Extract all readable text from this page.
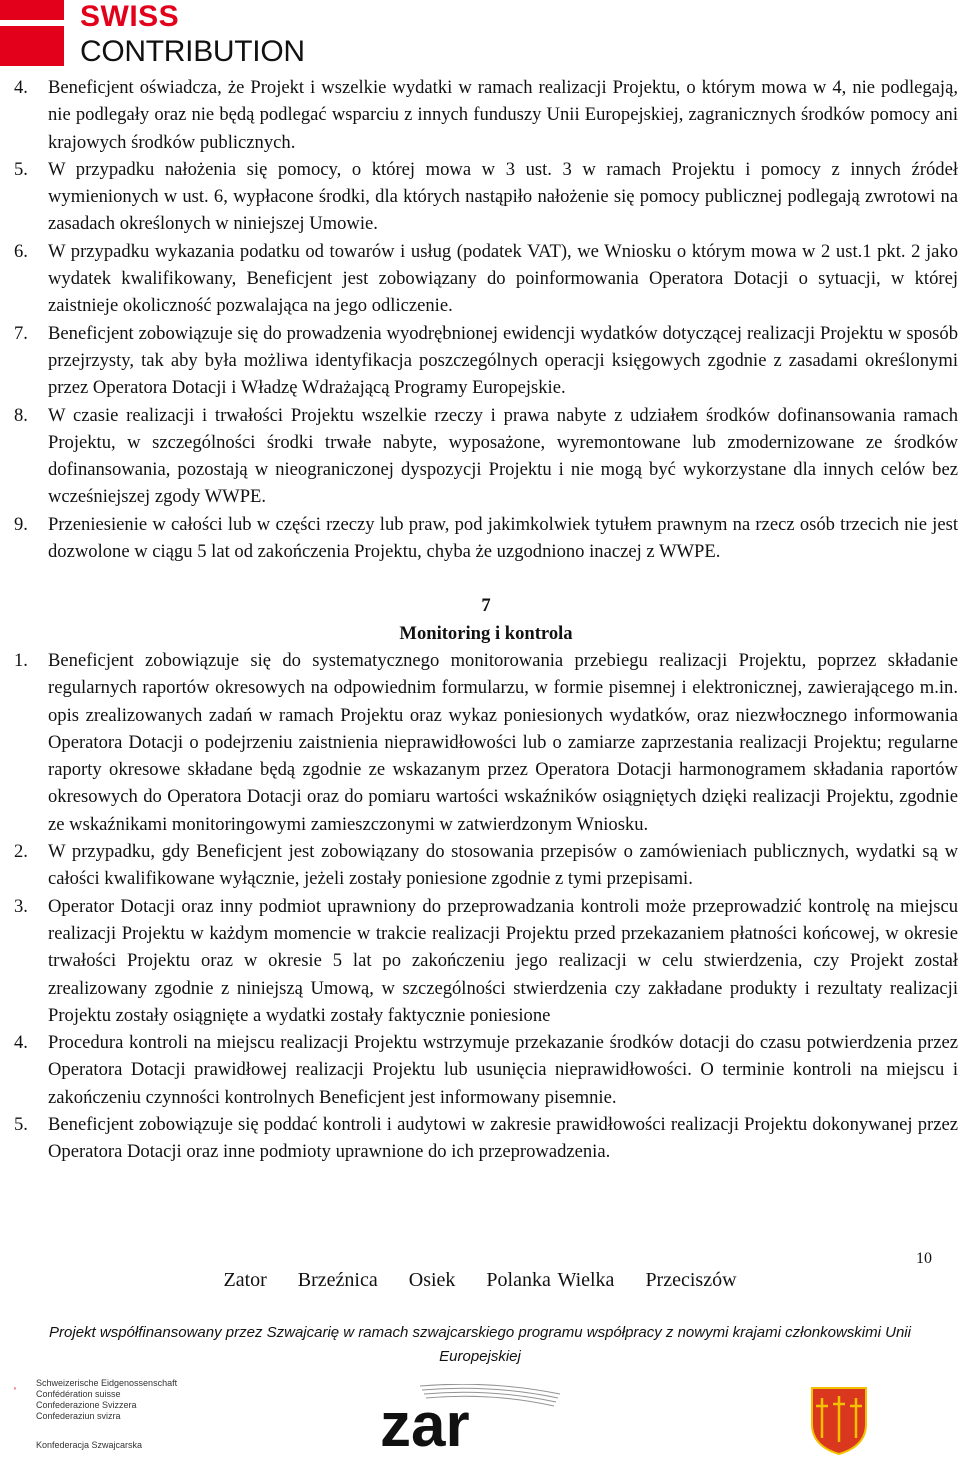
SWISS
CONTRIBUTION
4. Beneficjent oświadcza, że Projekt i wszelkie wydatki w ramach realizacji Projektu, o którym mowa w 4, nie podlegają, nie podlegały oraz nie będą podlegać wsparciu z innych funduszy Unii Europejskiej, zagranicznych środków pomocy ani krajowych środków publicznych.
5. W przypadku nałożenia się pomocy, o której mowa w 3 ust. 3 w ramach Projektu i pomocy z innych źródeł wymienionych w ust. 6, wypłacone środki, dla których nastąpiło nałożenie się pomocy publicznej podlegają zwrotowi na zasadach określonych w niniejszej Umowie.
6. W przypadku wykazania podatku od towarów i usług (podatek VAT), we Wniosku o którym mowa w 2 ust.1 pkt. 2 jako wydatek kwalifikowany, Beneficjent jest zobowiązany do poinformowania Operatora Dotacji o sytuacji, w której zaistnieje okoliczność pozwalająca na jego odliczenie.
7. Beneficjent zobowiązuje się do prowadzenia wyodrębnionej ewidencji wydatków dotyczącej realizacji Projektu w sposób przejrzysty, tak aby była możliwa identyfikacja poszczególnych operacji księgowych zgodnie z zasadami określonymi przez Operatora Dotacji i Władzę Wdrażającą Programy Europejskie.
8. W czasie realizacji i trwałości Projektu wszelkie rzeczy i prawa nabyte z udziałem środków dofinansowania ramach Projektu, w szczególności środki trwałe nabyte, wyposażone, wyremontowane lub zmodernizowane ze środków dofinansowania, pozostają w nieograniczonej dyspozycji Projektu i nie mogą być wykorzystane dla innych celów bez wcześniejszej zgody WWPE.
9. Przeniesienie w całości lub w części rzeczy lub praw, pod jakimkolwiek tytułem prawnym na rzecz osób trzecich nie jest dozwolone w ciągu 5 lat od zakończenia Projektu, chyba że uzgodniono inaczej z WWPE.
7
Monitoring i kontrola
1. Beneficjent zobowiązuje się do systematycznego monitorowania przebiegu realizacji Projektu, poprzez składanie regularnych raportów okresowych na odpowiednim formularzu, w formie pisemnej i elektronicznej, zawierającego m.in. opis zrealizowanych zadań w ramach Projektu oraz wykaz poniesionych wydatków, oraz niezwłocznego informowania Operatora Dotacji o podejrzeniu zaistnienia nieprawidłowości lub o zamiarze zaprzestania realizacji Projektu; regularne raporty okresowe składane będą zgodnie ze wskazanym przez Operatora Dotacji harmonogramem składania raportów okresowych do Operatora Dotacji oraz do pomiaru wartości wskaźników osiągniętych dzięki realizacji Projektu, zgodnie ze wskaźnikami monitoringowymi zamieszczonymi w zatwierdzonym Wniosku.
2. W przypadku, gdy Beneficjent jest zobowiązany do stosowania przepisów o zamówieniach publicznych, wydatki są w całości kwalifikowane wyłącznie, jeżeli zostały poniesione zgodnie z tymi przepisami.
3. Operator Dotacji oraz inny podmiot uprawniony do przeprowadzania kontroli może przeprowadzić kontrolę na miejscu realizacji Projektu w każdym momencie w trakcie realizacji Projektu przed przekazaniem płatności końcowej, w okresie trwałości Projektu oraz w okresie 5 lat po zakończeniu jego realizacji w celu stwierdzenia, czy Projekt został zrealizowany zgodnie z niniejszą Umową, w szczególności stwierdzenia czy zakładane produkty i rezultaty realizacji Projektu zostały osiągnięte a wydatki zostały faktycznie poniesione
4. Procedura kontroli na miejscu realizacji Projektu wstrzymuje przekazanie środków dotacji do czasu potwierdzenia przez Operatora Dotacji prawidłowej realizacji Projektu lub usunięcia nieprawidłowości. O terminie kontroli na miejscu i zakończeniu czynności kontrolnych Beneficjent jest informowany pisemnie.
5. Beneficjent zobowiązuje się poddać kontroli i audytowi w zakresie prawidłowości realizacji Projektu dokonywanej przez Operatora Dotacji oraz inne podmioty uprawnione do ich przeprowadzenia.
10
Zator Brzeźnica Osiek Polanka Wielka Przeciszów
Projekt współfinansowany przez Szwajcarię w ramach szwajcarskiego programu współpracy z nowymi krajami członkowskimi Unii
Europejskiej
Schweizerische Eidgenossenschaft
Confédération suisse
Confederazione Svizzera
Confederaziun svizra
Konfederacja Szwajcarska	zar
